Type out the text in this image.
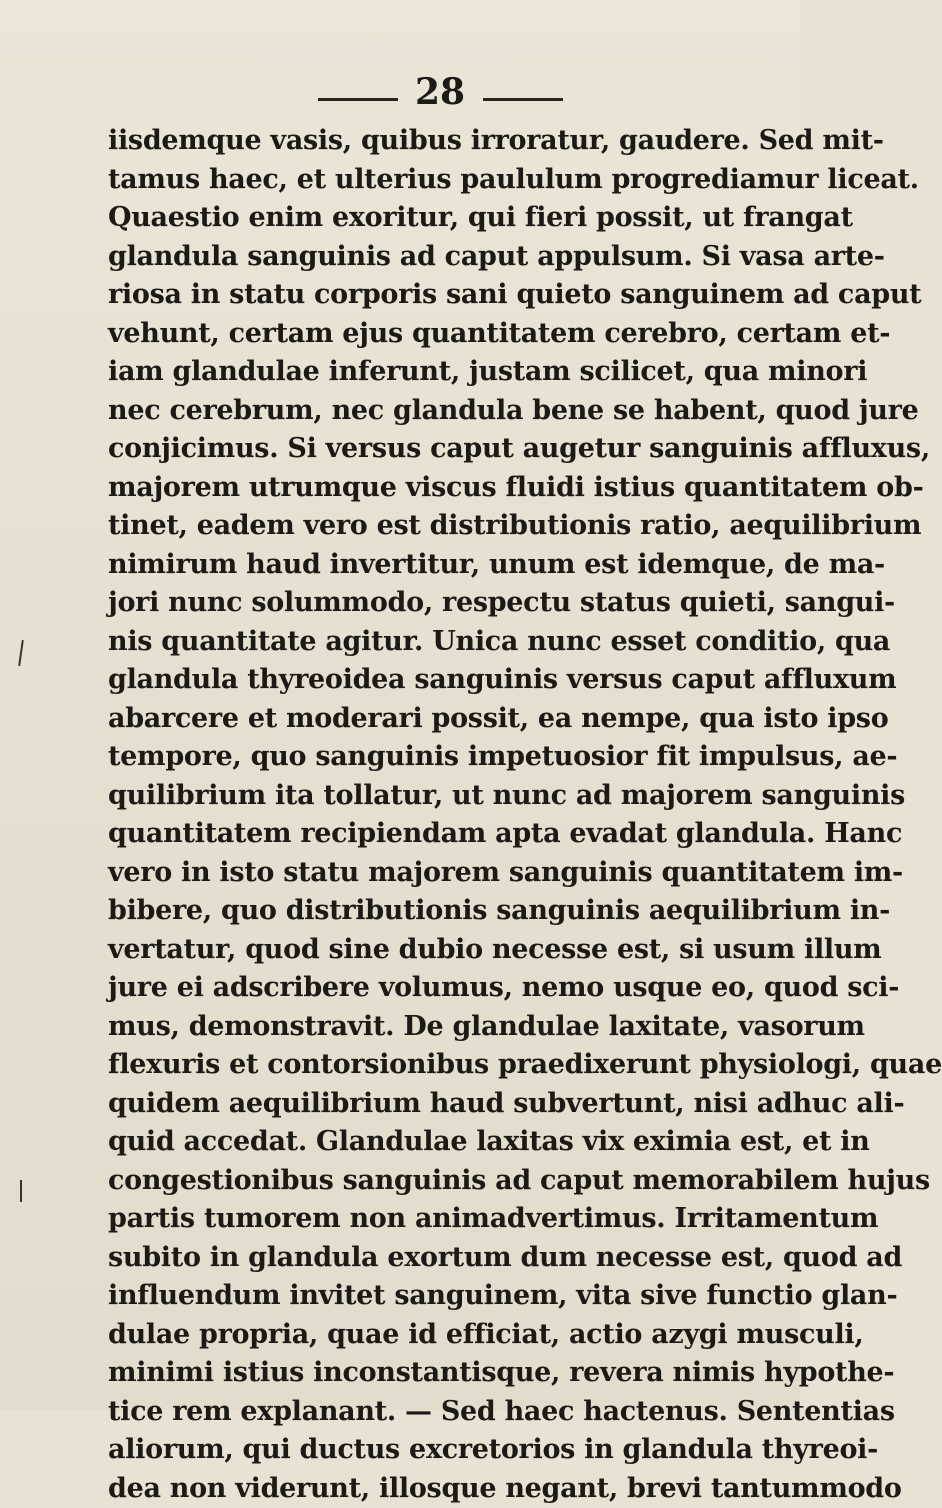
28
iisdemque vasis, quibus irroratur, gaudere. Sed mit-
tamus haec, et ulterius paululum progrediamur liceat.
Quaestio enim exoritur, qui fieri possit, ut frangat
glandula sanguinis ad caput appulsum. Si vasa arte-
riosa in statu corporis sani quieto sanguinem ad caput
vehunt, certam ejus quantitatem cerebro, certam et-
iam glandulae inferunt, justam scilicet, qua minori
nec cerebrum, nec glandula bene se habent, quod jure
conjicimus. Si versus caput augetur sanguinis affluxus,
majorem utrumque viscus fluidi istius quantitatem ob-
tinet, eadem vero est distributionis ratio, aequilibrium
nimirum haud invertitur, unum est idemque, de ma-
jori nunc solummodo, respectu status quieti, sangui-
nis quantitate agitur. Unica nunc esset conditio, qua
glandula thyreoidea sanguinis versus caput affluxum
abarcere et moderari possit, ea nempe, qua isto ipso
tempore, quo sanguinis impetuosior fit impulsus, ae-
quilibrium ita tollatur, ut nunc ad majorem sanguinis
quantitatem recipiendam apta evadat glandula. Hanc
vero in isto statu majorem sanguinis quantitatem im-
bibere, quo distributionis sanguinis aequilibrium in-
vertatur, quod sine dubio necesse est, si usum illum
jure ei adscribere volumus, nemo usque eo, quod sci-
mus, demonstravit. De glandulae laxitate, vasorum
flexuris et contorsionibus praedixerunt physiologi, quae
quidem aequilibrium haud subvertunt, nisi adhuc ali-
quid accedat. Glandulae laxitas vix eximia est, et in
congestionibus sanguinis ad caput memorabilem hujus
partis tumorem non animadvertimus. Irritamentum
subito in glandula exortum dum necesse est, quod ad
influendum invitet sanguinem, vita sive functio glan-
dulae propria, quae id efficiat, actio azygi musculi,
minimi istius inconstantisque, revera nimis hypothe-
tice rem explanant. — Sed haec hactenus. Sententias
aliorum, qui ductus excretorios in glandula thyreoi-
dea non viderunt, illosque negant, brevi tantummodo
